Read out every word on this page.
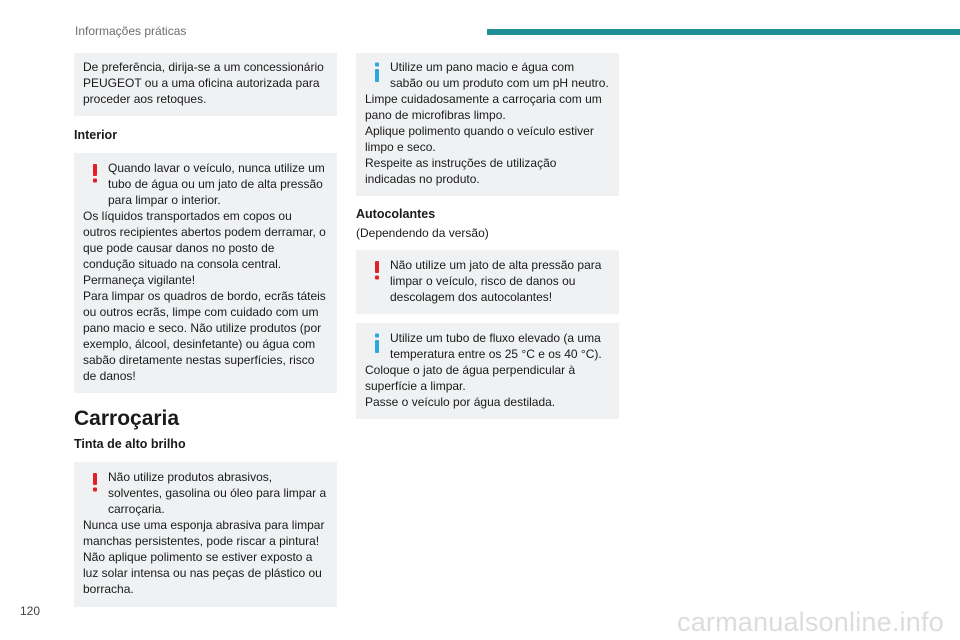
Informações práticas

De preferência, dirija-se a um concessionário PEUGEOT ou a uma oficina autorizada para proceder aos retoques.

Interior

Quando lavar o veículo, nunca utilize um tubo de água ou um jato de alta pressão para limpar o interior.

Os líquidos transportados em copos ou outros recipientes abertos podem derramar, o que pode causar danos no posto de condução situado na consola central. Permaneça vigilante!

Para limpar os quadros de bordo, ecrãs táteis ou outros ecrãs, limpe com cuidado com um pano macio e seco. Não utilize produtos (por exemplo, álcool, desinfetante) ou água com sabão diretamente nestas superfícies, risco de danos!

Carroçaria

Tinta de alto brilho

Não utilize produtos abrasivos, solventes, gasolina ou óleo para limpar a carroçaria.

Nunca use uma esponja abrasiva para limpar manchas persistentes, pode riscar a pintura!

Não aplique polimento se estiver exposto a luz solar intensa ou nas peças de plástico ou borracha.

Utilize um pano macio e água com sabão ou um produto com um pH neutro.

Limpe cuidadosamente a carroçaria com um pano de microfibras limpo.

Aplique polimento quando o veículo estiver limpo e seco.

Respeite as instruções de utilização indicadas no produto.

Autocolantes

(Dependendo da versão)

Não utilize um jato de alta pressão para limpar o veículo, risco de danos ou descolagem dos autocolantes!

Utilize um tubo de fluxo elevado (a uma temperatura entre os 25 °C e os 40 °C).

Coloque o jato de água perpendicular à superfície a limpar.

Passe o veículo por água destilada.

120	carmanualsonline.info
